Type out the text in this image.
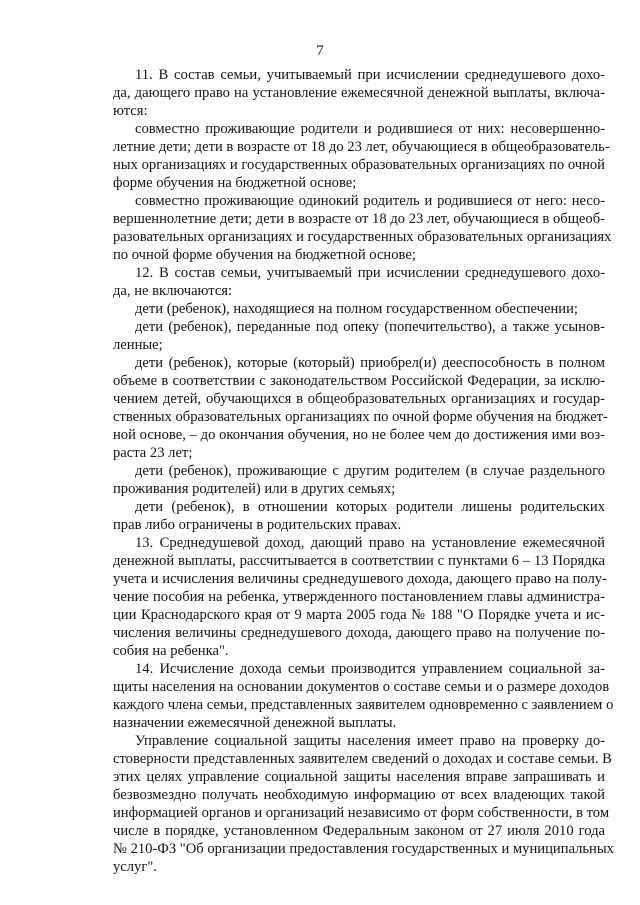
7
11. В состав семьи, учитываемый при исчислении среднедушевого дохо-
да, дающего право на установление ежемесячной денежной выплаты, включа-
ются:
совместно проживающие родители и родившиеся от них: несовершенно-
летние дети; дети в возрасте от 18 до 23 лет, обучающиеся в общеобразователь-
ных организациях и государственных образовательных организациях по очной
форме обучения на бюджетной основе;
совместно проживающие одинокий родитель и родившиеся от него: несо-
вершеннолетние дети; дети в возрасте от 18 до 23 лет, обучающиеся в общеоб-
разовательных организациях и государственных образовательных организациях
по очной форме обучения на бюджетной основе;
12. В состав семьи, учитываемый при исчислении среднедушевого дохо-
да, не включаются:
дети (ребенок), находящиеся на полном государственном обеспечении;
дети (ребенок), переданные под опеку (попечительство), а также усынов-
ленные;
дети (ребенок), которые (который) приобрел(и) дееспособность в полном
объеме в соответствии с законодательством Российской Федерации, за исклю-
чением детей, обучающихся в общеобразовательных организациях и государ-
ственных образовательных организациях по очной форме обучения на бюджет-
ной основе, – до окончания обучения, но не более чем до достижения ими воз-
раста 23 лет;
дети (ребенок), проживающие с другим родителем (в случае раздельного
проживания родителей) или в других семьях;
дети (ребенок), в отношении которых родители лишены родительских
прав либо ограничены в родительских правах.
13. Среднедушевой доход, дающий право на установление ежемесячной
денежной выплаты, рассчитывается в соответствии с пунктами 6 – 13 Порядка
учета и исчисления величины среднедушевого дохода, дающего право на полу-
чение пособия на ребенка, утвержденного постановлением главы администра-
ции Краснодарского края от 9 марта 2005 года № 188 "О Порядке учета и ис-
числения величины среднедушевого дохода, дающего право на получение по-
собия на ребенка".
14. Исчисление дохода семьи производится управлением социальной за-
щиты населения на основании документов о составе семьи и о размере доходов
каждого члена семьи, представленных заявителем одновременно с заявлением о
назначении ежемесячной денежной выплаты.
Управление социальной защиты населения имеет право на проверку до-
стоверности представленных заявителем сведений о доходах и составе семьи. В
этих целях управление социальной защиты населения вправе запрашивать и
безвозмездно получать необходимую информацию от всех владеющих такой
информацией органов и организаций независимо от форм собственности, в том
числе в порядке, установленном Федеральным законом от 27 июля 2010 года
№ 210-ФЗ "Об организации предоставления государственных и муниципальных
услуг".
